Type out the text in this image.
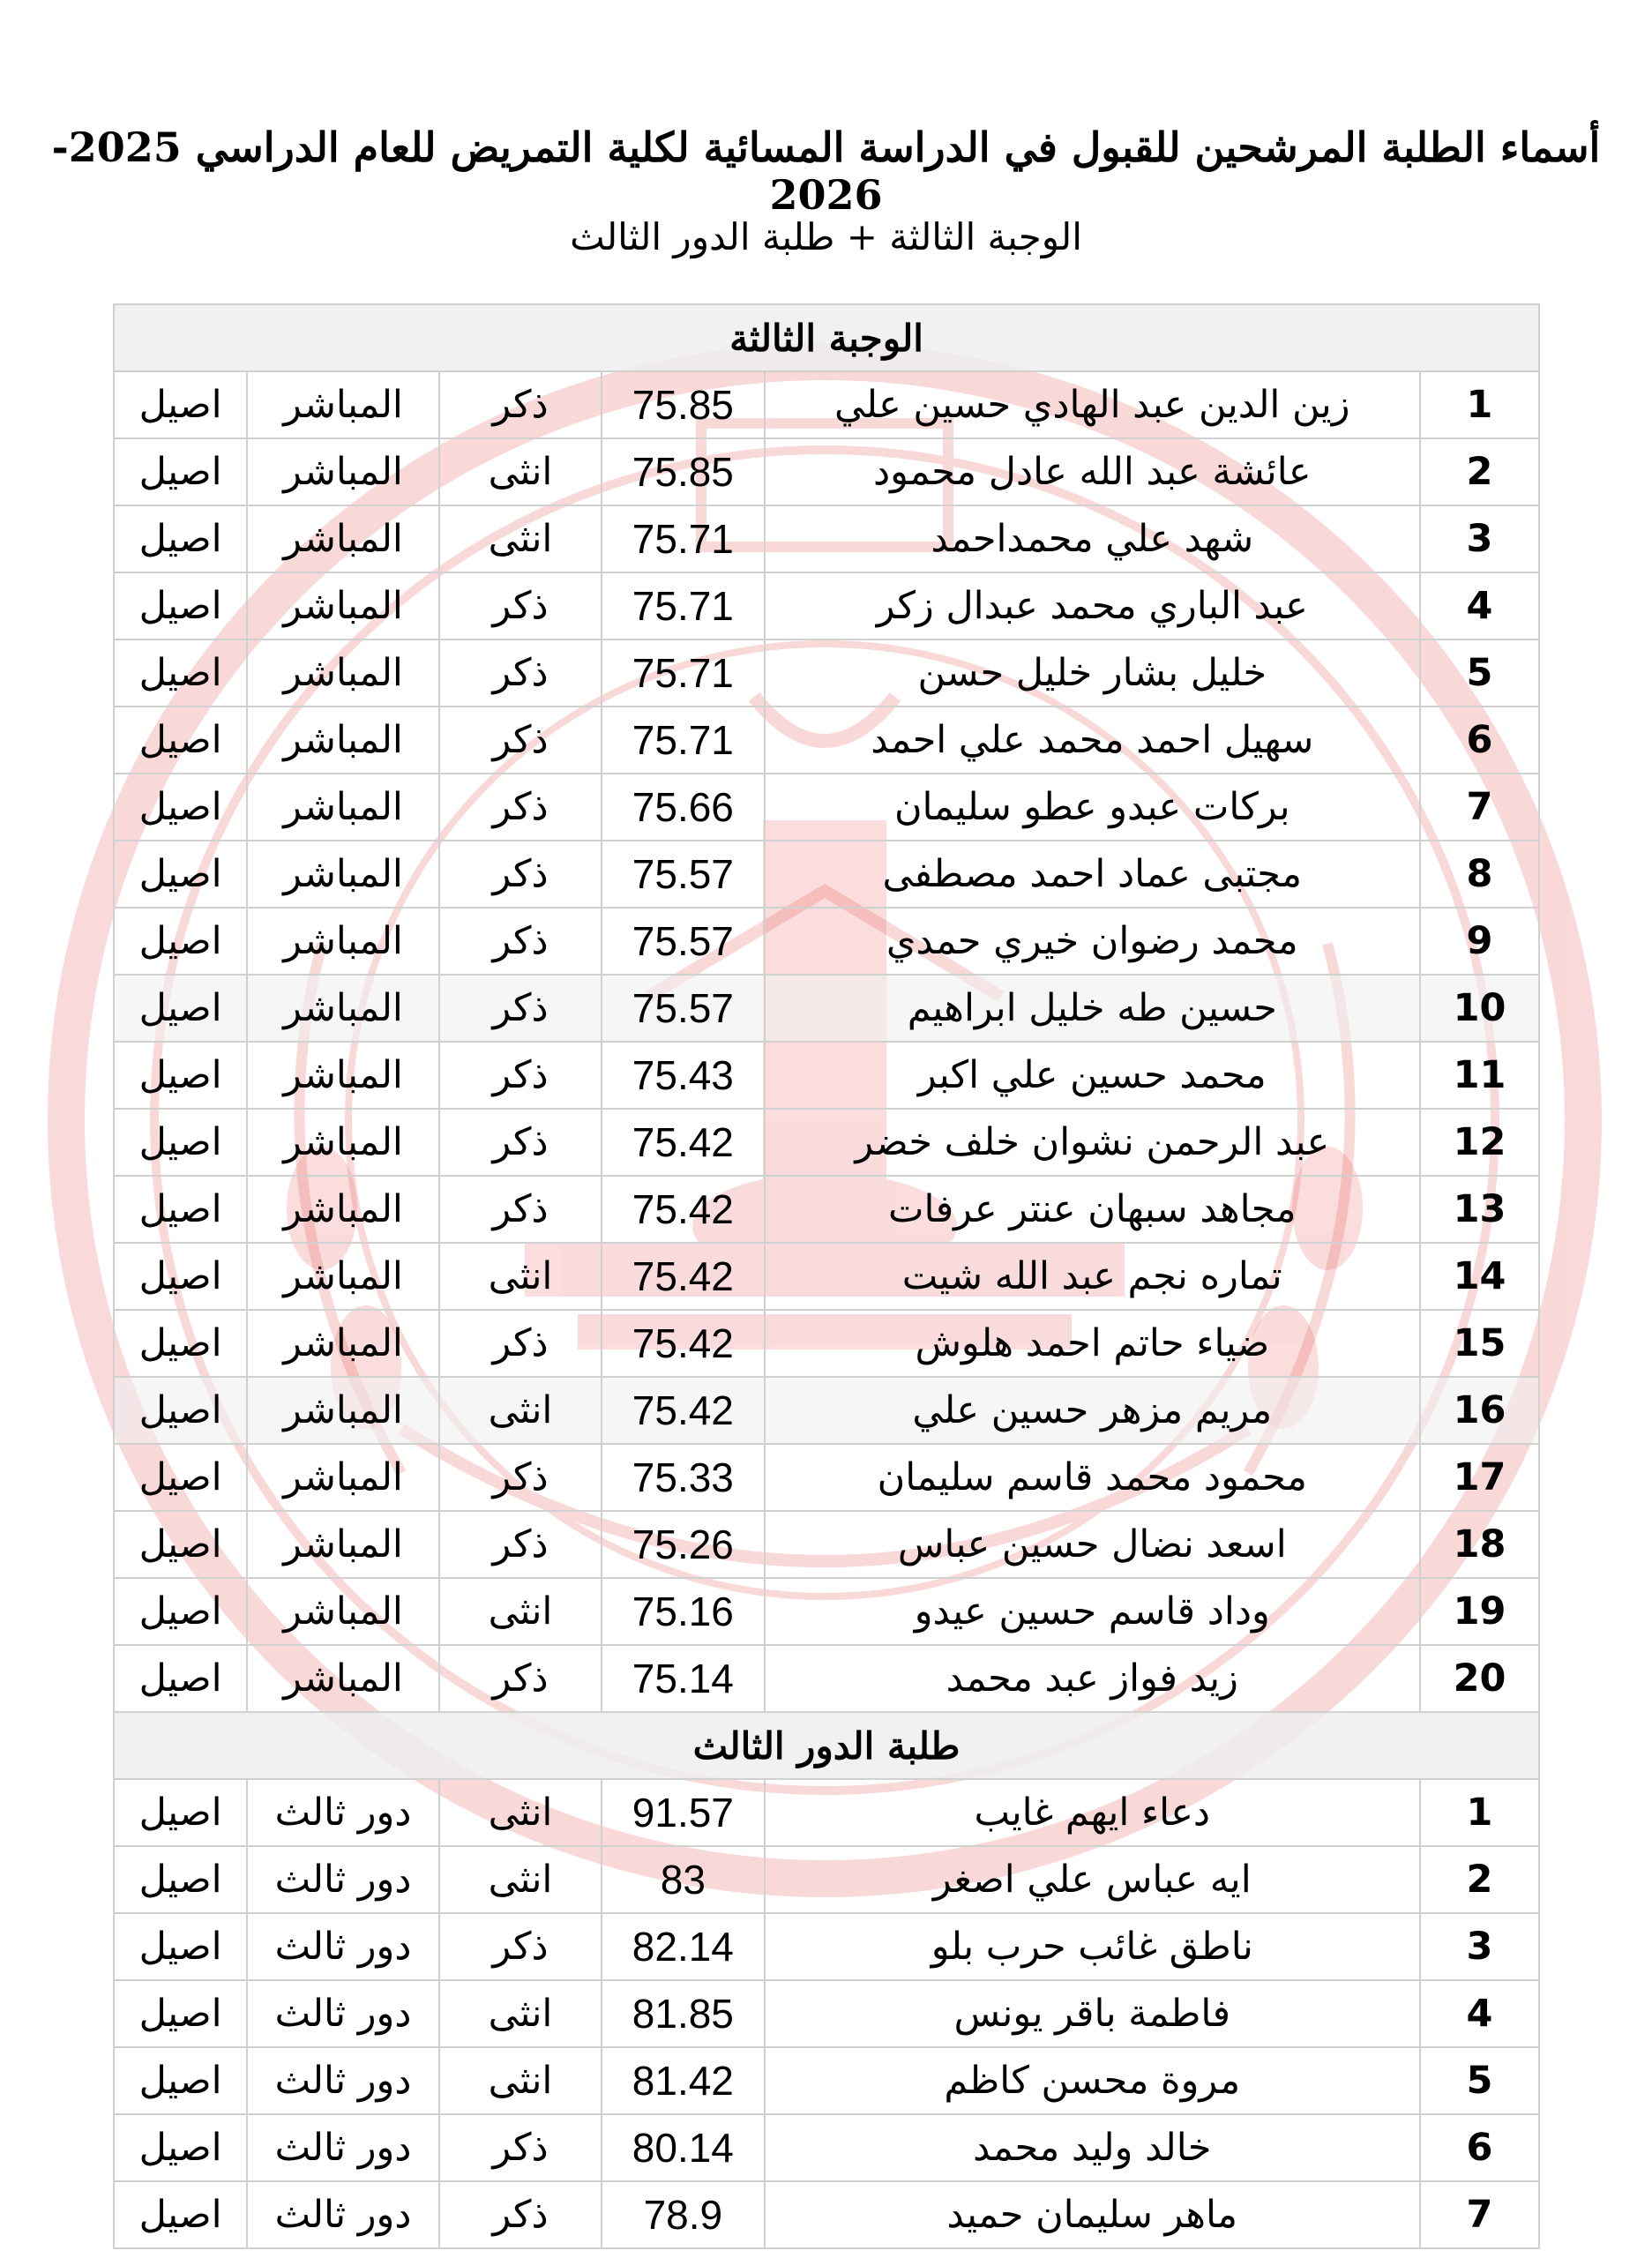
أسماء الطلبة المرشحين للقبول في الدراسة المسائية لكلية التمريض للعام الدراسي 2025-2026
الوجبة الثالثة + طلبة الدور الثالث
الوجبة الثالثة					
1	زين الدين عبد الهادي حسين علي	75.85	ذكر	المباشر	اصيل
2	عائشة عبد الله عادل محمود	75.85	انثى	المباشر	اصيل
3	شهد علي محمداحمد	75.71	انثى	المباشر	اصيل
4	عبد الباري محمد عبدال زكر	75.71	ذكر	المباشر	اصيل
5	خليل بشار خليل حسن	75.71	ذكر	المباشر	اصيل
6	سهيل احمد محمد علي احمد	75.71	ذكر	المباشر	اصيل
7	بركات عبدو عطو سليمان	75.66	ذكر	المباشر	اصيل
8	مجتبى عماد احمد مصطفى	75.57	ذكر	المباشر	اصيل
9	محمد رضوان خيري حمدي	75.57	ذكر	المباشر	اصيل
10	حسين طه خليل ابراهيم	75.57	ذكر	المباشر	اصيل
11	محمد حسين علي اكبر	75.43	ذكر	المباشر	اصيل
12	عبد الرحمن نشوان خلف خضر	75.42	ذكر	المباشر	اصيل
13	مجاهد سبهان عنتر عرفات	75.42	ذكر	المباشر	اصيل
14	تماره نجم عبد الله شيت	75.42	انثى	المباشر	اصيل
15	ضياء حاتم احمد هلوش	75.42	ذكر	المباشر	اصيل
16	مريم مزهر حسين علي	75.42	انثى	المباشر	اصيل
17	محمود محمد قاسم سليمان	75.33	ذكر	المباشر	اصيل
18	اسعد نضال حسين عباس	75.26	ذكر	المباشر	اصيل
19	وداد قاسم حسين عيدو	75.16	انثى	المباشر	اصيل
20	زيد فواز عبد محمد	75.14	ذكر	المباشر	اصيل
طلبة الدور الثالث					
1	دعاء ايهم غايب	91.57	انثى	دور ثالث	اصيل
2	ايه عباس علي اصغر	83	انثى	دور ثالث	اصيل
3	ناطق غائب حرب بلو	82.14	ذكر	دور ثالث	اصيل
4	فاطمة باقر يونس	81.85	انثى	دور ثالث	اصيل
5	مروة محسن كاظم	81.42	انثى	دور ثالث	اصيل
6	خالد وليد محمد	80.14	ذكر	دور ثالث	اصيل
7	ماهر سليمان حميد	78.9	ذكر	دور ثالث	اصيل
